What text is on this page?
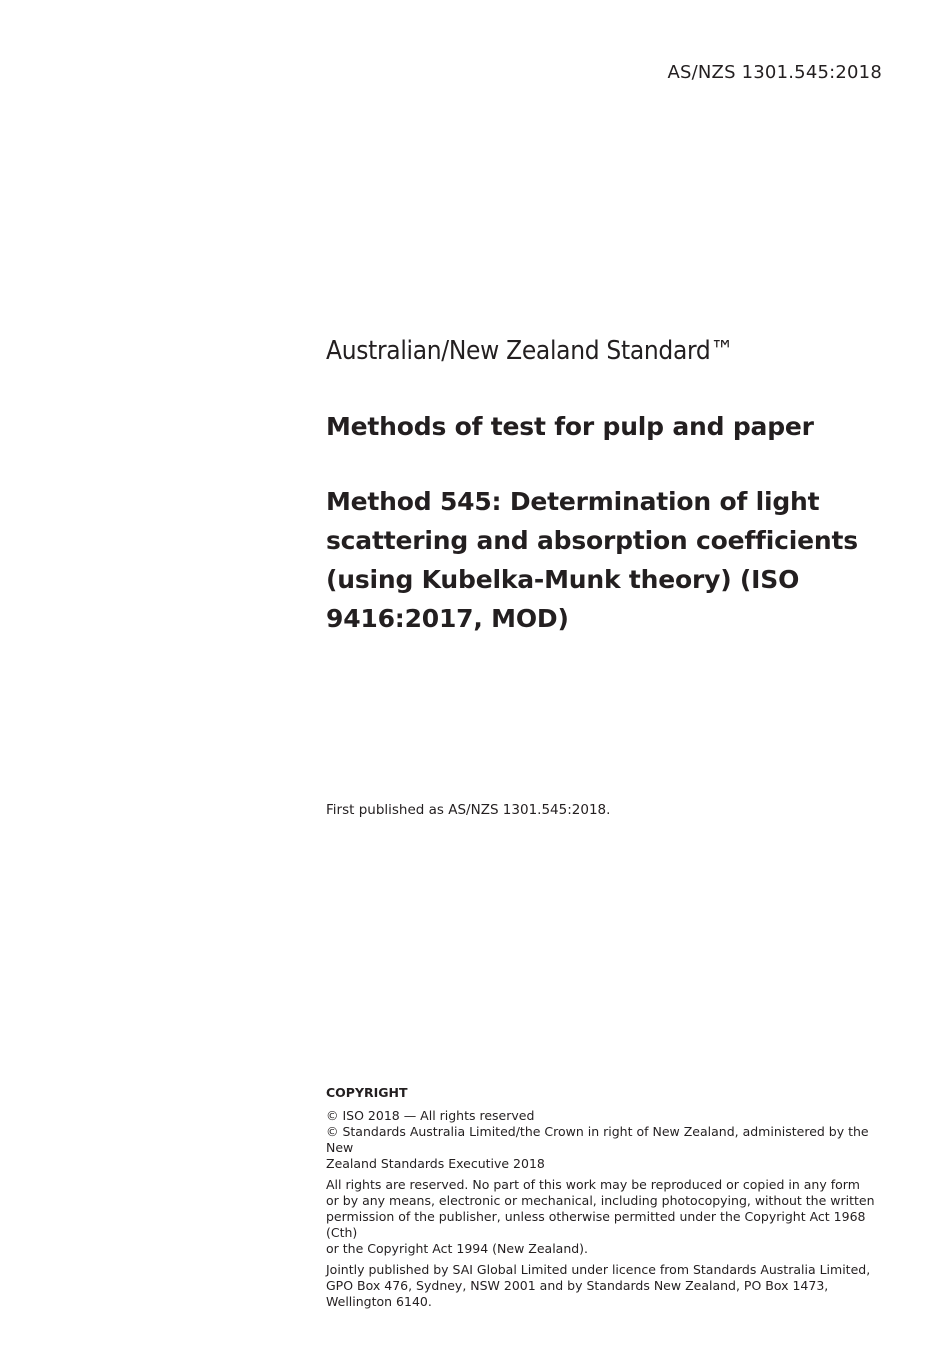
AS/NZS 1301.545:2018
Australian/New Zealand Standard™
Methods of test for pulp and paper
Method 545: Determination of light
scattering and absorption coefficients
(using Kubelka-Munk theory) (ISO
9416:2017, MOD)

First published as AS/NZS 1301.545:2018.

COPYRIGHT

© ISO 2018 — All rights reserved
© Standards Australia Limited/the Crown in right of New Zealand, administered by the New
Zealand Standards Executive 2018

All rights are reserved. No part of this work may be reproduced or copied in any form
or by any means, electronic or mechanical, including photocopying, without the written
permission of the publisher, unless otherwise permitted under the Copyright Act 1968 (Cth)
or the Copyright Act 1994 (New Zealand).

Jointly published by SAI Global Limited under licence from Standards Australia Limited,
GPO Box 476, Sydney, NSW 2001 and by Standards New Zealand, PO Box 1473,
Wellington 6140.
